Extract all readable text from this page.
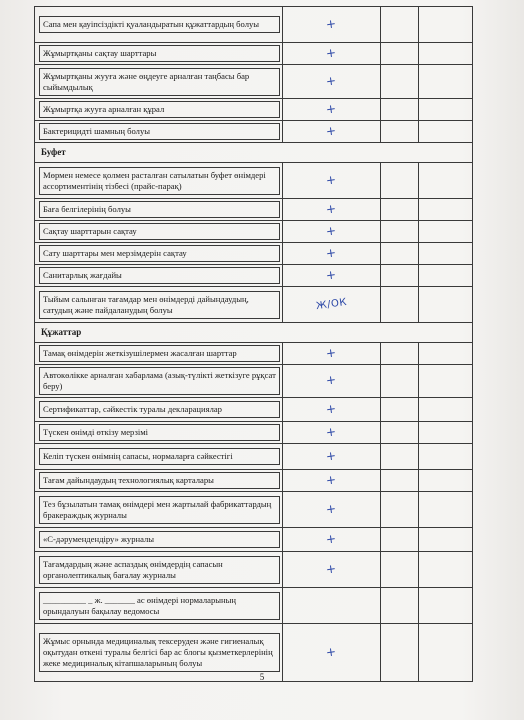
Сапа мен қауіпсіздікті қуаландыратын құжаттардың болуы	+		

Жұмыртқаны сақтау шарттары	+		

Жұмыртқаны жууға және өңдеуге арналған таңбасы бар сыйымдылық	+		

Жұмыртқа жууға арналған құрал	+		

Бактерицидті шамның болуы	+		
Буфет			

Мөрмен немесе қолмен расталған сатылатын буфет өнімдері ассортиментінің тізбесі (прайс-парақ)	+		

Баға белгілерінің болуы	+		

Сақтау шарттарын сақтау	+		

Сату шарттары мен мерзімдерін сақтау	+		

Санитарлық жағдайы	+		

Тыйым салынған тағамдар мен өнімдерді дайындаудың, сатудың және пайдаланудың болуы	Ж/ОК		
Құжаттар			

Тамақ өнімдерін жеткізушілермен жасалған шарттар	+		

Автокөлікке арналған хабарлама (азық-түлікті жеткізуге рұқсат беру)	+		

Сертификаттар, сәйкестік туралы декларациялар	+		

Түскен өнімді өткізу мерзімі	+		

Келіп түскен өнімнің сапасы, нормаларға сәйкестігі	+		

Тағам дайындаудың технологиялық карталары	+		

Тез бұзылатын тамақ өнімдері мен жартылай фабрикаттардың бракераждық журналы	+		

«С-дәрумендендіру» журналы	+		

Тағамдардың және аспаздық өнімдердің сапасын органолептикалық бағалау журналы	+		

__________ _ ж. _______ ас өнімдері нормаларының орындалуын бақылау ведомосы			

Жұмыс орнында медициналық тексеруден және гигиеналық оқытудан өткені туралы белгісі бар ас блогы қызметкерлерінің жеке медициналық кітапшаларының болуы	+		
5
